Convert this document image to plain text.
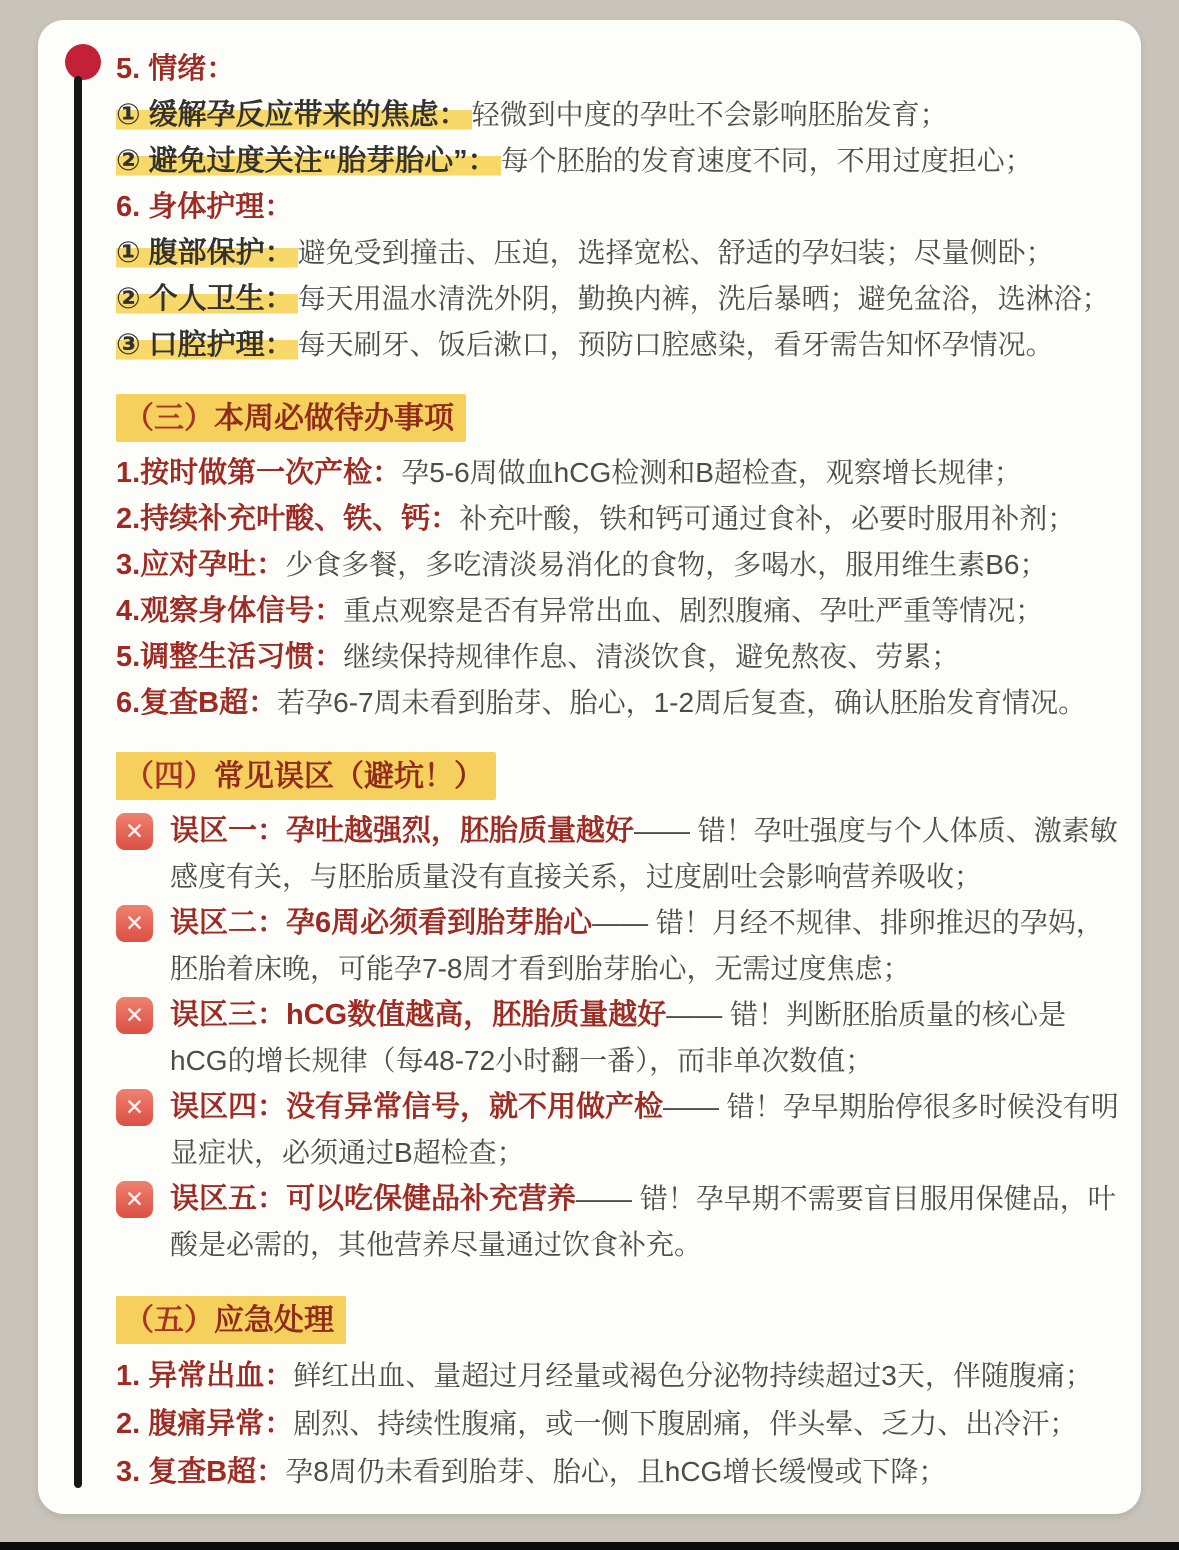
5. 情绪：

① 缓解孕反应带来的焦虑： 轻微到中度的孕吐不会影响胚胎发育；

② 避免过度关注“胎芽胎心”： 每个胚胎的发育速度不同，不用过度担心；

6. 身体护理：

① 腹部保护： 避免受到撞击、压迫，选择宽松、舒适的孕妇装；尽量侧卧；

② 个人卫生： 每天用温水清洗外阴，勤换内裤，洗后暴晒；避免盆浴，选淋浴；

③ 口腔护理： 每天刷牙、饭后漱口，预防口腔感染，看牙需告知怀孕情况。

（三）本周必做待办事项

1.按时做第一次产检：孕5-6周做血hCG检测和B超检查，观察增长规律；

2.持续补充叶酸、铁、钙：补充叶酸，铁和钙可通过食补，必要时服用补剂；

3.应对孕吐：少食多餐，多吃清淡易消化的食物，多喝水，服用维生素B6；

4.观察身体信号：重点观察是否有异常出血、剧烈腹痛、孕吐严重等情况；

5.调整生活习惯：继续保持规律作息、清淡饮食，避免熬夜、劳累；

6.复查B超：若孕6-7周未看到胎芽、胎心，1-2周后复查，确认胚胎发育情况。

（四）常见误区（避坑！）
✕ 误区一：孕吐越强烈，胚胎质量越好—— 错！孕吐强度与个人体质、激素敏感度有关，与胚胎质量没有直接关系，过度剧吐会影响营养吸收；
✕ 误区二：孕6周必须看到胎芽胎心—— 错！月经不规律、排卵推迟的孕妈，胚胎着床晚，可能孕7-8周才看到胎芽胎心，无需过度焦虑；
✕ 误区三：hCG数值越高，胚胎质量越好—— 错！判断胚胎质量的核心是hCG的增长规律（每48-72小时翻一番），而非单次数值；
✕ 误区四：没有异常信号，就不用做产检—— 错！孕早期胎停很多时候没有明显症状，必须通过B超检查；
✕ 误区五：可以吃保健品补充营养—— 错！孕早期不需要盲目服用保健品，叶酸是必需的，其他营养尽量通过饮食补充。
（五）应急处理

1. 异常出血：鲜红出血、量超过月经量或褐色分泌物持续超过3天，伴随腹痛；

2. 腹痛异常：剧烈、持续性腹痛，或一侧下腹剧痛，伴头晕、乏力、出冷汗；

3. 复查B超：孕8周仍未看到胎芽、胎心，且hCG增长缓慢或下降；
